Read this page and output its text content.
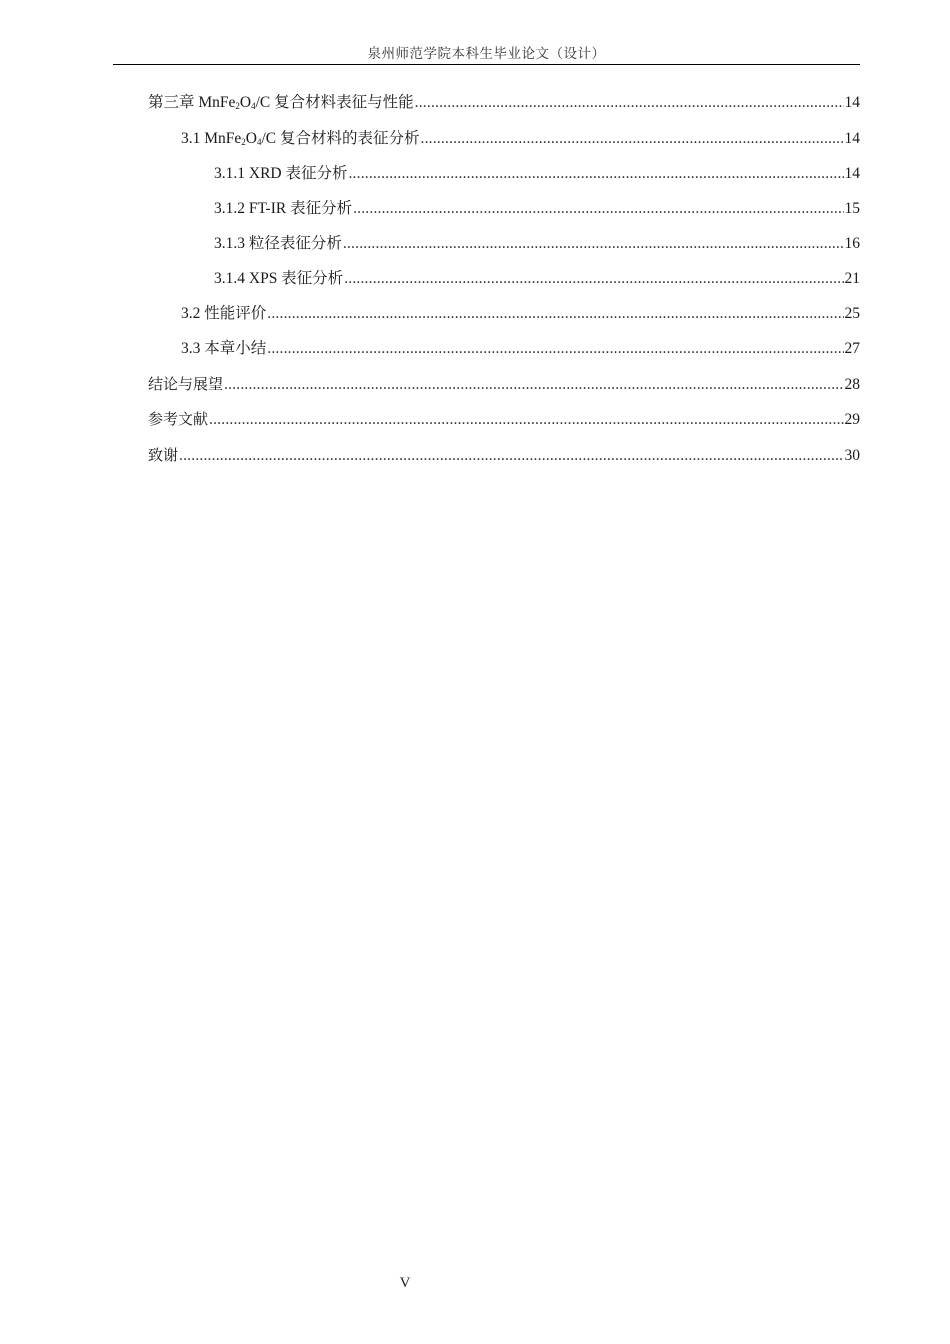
泉州师范学院本科生毕业论文（设计）
第三章 $MnFe_2O_4/C$ 复合材料表征与性能 .....	14
3.1 $MnFe_2O_4/C$ 复合材料的表征分析 .....	14
3.1.1 XRD 表征分析 .....	14
3.1.2 FT-IR 表征分析 .....	15
3.1.3 粒径表征分析 .....	16
3.1.4 XPS 表征分析 .....	21
3.2 性能评价 .....	25
3.3 本章小结 .....	27
结论与展望 .....	28
参考文献 .....	29
致谢 .....	30
V
